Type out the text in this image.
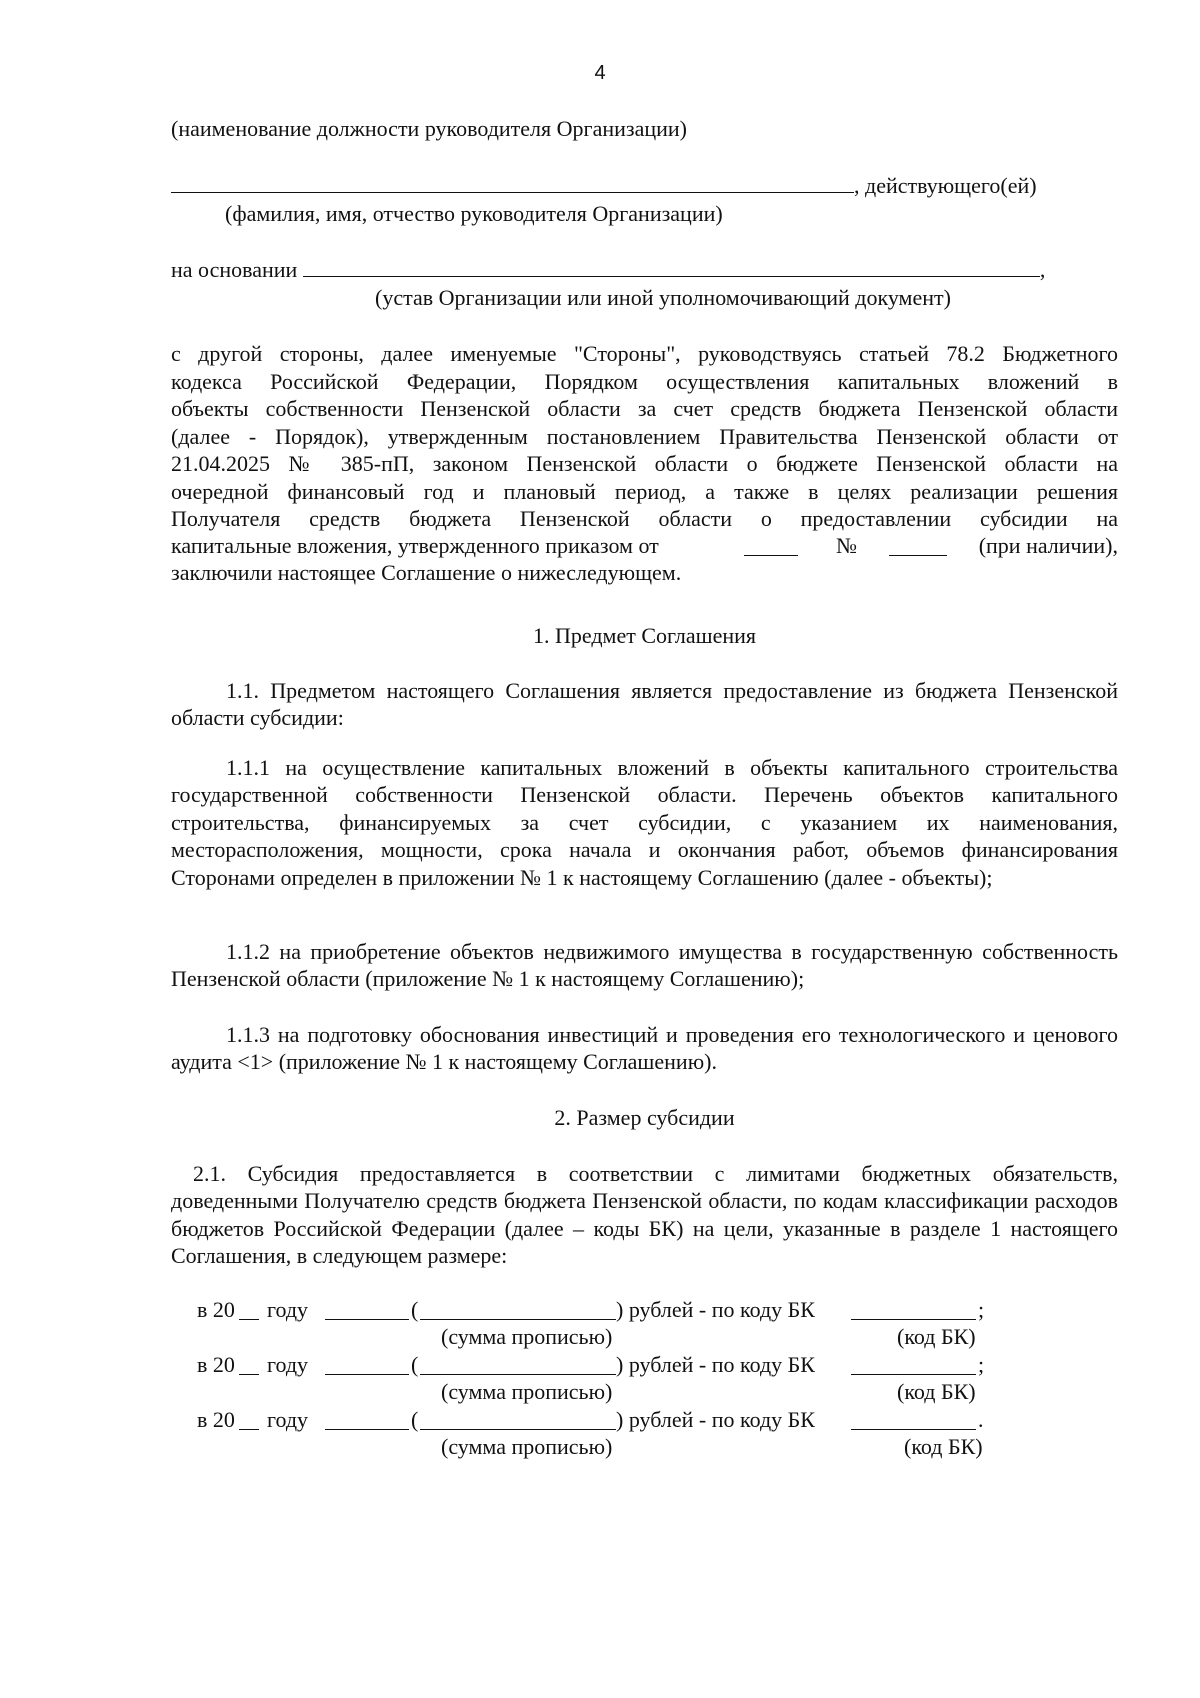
4
(наименование должности руководителя Организации)
, действующего(ей)
(фамилия, имя, отчество руководителя Организации)
на основании	,
(устав Организации или иной уполномочивающий документ)
с другой стороны, далее именуемые "Стороны", руководствуясь статьей 78.2 Бюджетного
кодекса Российской Федерации, Порядком осуществления капитальных вложений в
объекты собственности Пензенской области за счет средств бюджета Пензенской области
(далее - Порядок), утвержденным постановлением Правительства Пензенской области от
21.04.2025 № 385-пП, законом Пензенской области о бюджете Пензенской области на
очередной финансовый год и плановый период, а также в целях реализации решения
Получателя средств бюджета Пензенской области о предоставлении субсидии на
капитальные вложения, утвержденного приказом от	№	(при наличии),
заключили настоящее Соглашение о нижеследующем.
1. Предмет Соглашения

1.1. Предметом настоящего Соглашения является предоставление из бюджета Пензенской области субсидии:

1.1.1 на осуществление капитальных вложений в объекты капитального строительства государственной собственности Пензенской области. Перечень объектов капитального строительства, финансируемых за счет субсидии, с указанием их наименования, месторасположения, мощности, срока начала и окончания работ, объемов финансирования Сторонами определен в приложении № 1 к настоящему Соглашению (далее - объекты);

1.1.2 на приобретение объектов недвижимого имущества в государственную собственность Пензенской области (приложение № 1 к настоящему Соглашению);

1.1.3 на подготовку обоснования инвестиций и проведения его технологического и ценового аудита <1> (приложение № 1 к настоящему Соглашению).

2. Размер субсидии

2.1. Субсидия предоставляется в соответствии с лимитами бюджетных обязательств, доведенными Получателю средств бюджета Пензенской области, по кодам классификации расходов бюджетов Российской Федерации (далее – коды БК) на цели, указанные в разделе 1 настоящего Соглашения, в следующем размере:

в 20 году	(	) рублей - по коду БК	;
(сумма прописью)	(код БК)
в 20 году	(	) рублей - по коду БК	;
(сумма прописью)	(код БК)
в 20 году	(	) рублей - по коду БК	.
(сумма прописью)	(код БК)
